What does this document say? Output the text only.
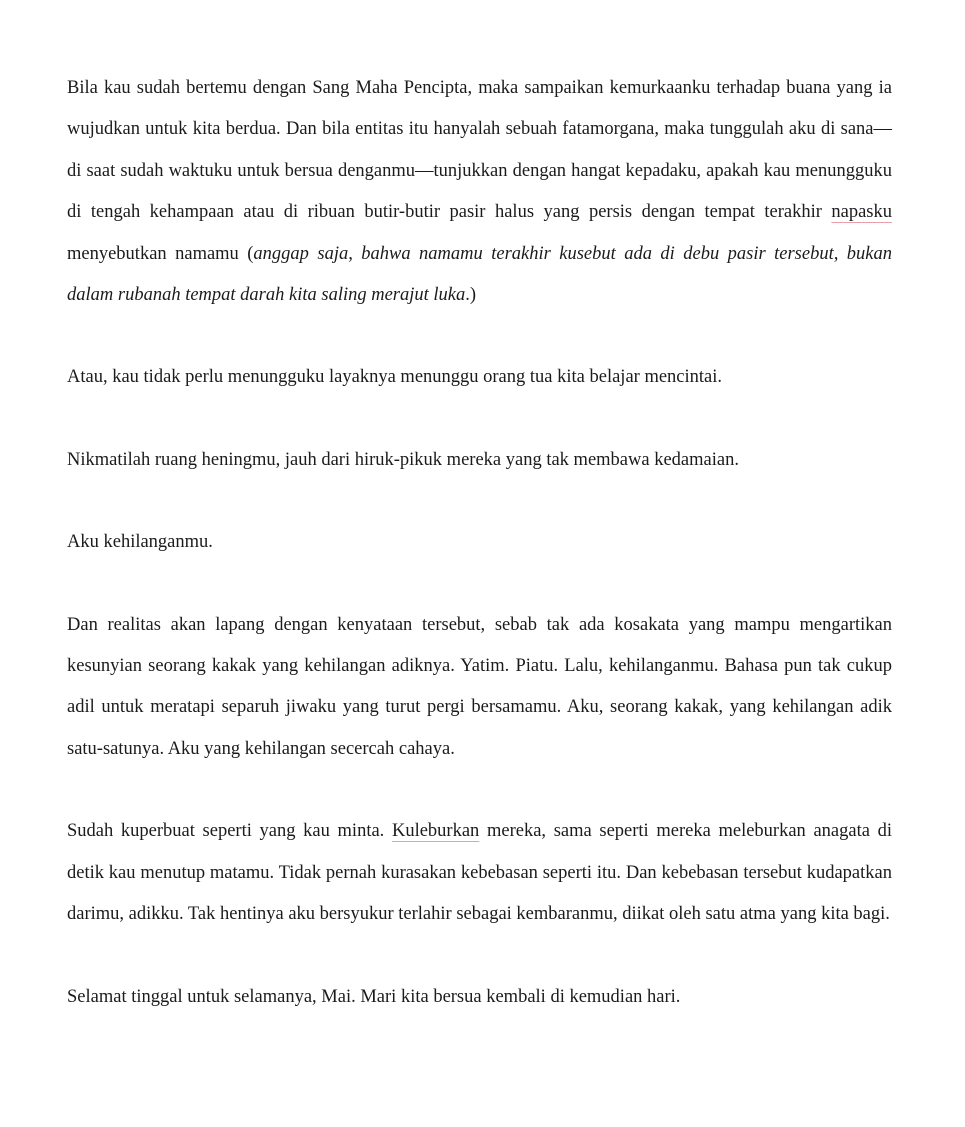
Bila kau sudah bertemu dengan Sang Maha Pencipta, maka sampaikan kemurkaanku terhadap buana yang ia wujudkan untuk kita berdua. Dan bila entitas itu hanyalah sebuah fatamorgana, maka tunggulah aku di sana—di saat sudah waktuku untuk bersua denganmu—tunjukkan dengan hangat kepadaku, apakah kau menungguku di tengah kehampaan atau di ribuan butir-butir pasir halus yang persis dengan tempat terakhir napasku menyebutkan namamu (anggap saja, bahwa namamu terakhir kusebut ada di debu pasir tersebut, bukan dalam rubanah tempat darah kita saling merajut luka.)

Atau, kau tidak perlu menungguku layaknya menunggu orang tua kita belajar mencintai.

Nikmatilah ruang heningmu, jauh dari hiruk-pikuk mereka yang tak membawa kedamaian.

Aku kehilanganmu.

Dan realitas akan lapang dengan kenyataan tersebut, sebab tak ada kosakata yang mampu mengartikan kesunyian seorang kakak yang kehilangan adiknya. Yatim. Piatu. Lalu, kehilanganmu. Bahasa pun tak cukup adil untuk meratapi separuh jiwaku yang turut pergi bersamamu. Aku, seorang kakak, yang kehilangan adik satu-satunya. Aku yang kehilangan secercah cahaya.

Sudah kuperbuat seperti yang kau minta. Kuleburkan mereka, sama seperti mereka meleburkan anagata di detik kau menutup matamu. Tidak pernah kurasakan kebebasan seperti itu. Dan kebebasan tersebut kudapatkan darimu, adikku. Tak hentinya aku bersyukur terlahir sebagai kembaranmu, diikat oleh satu atma yang kita bagi.

Selamat tinggal untuk selamanya, Mai. Mari kita bersua kembali di kemudian hari.
